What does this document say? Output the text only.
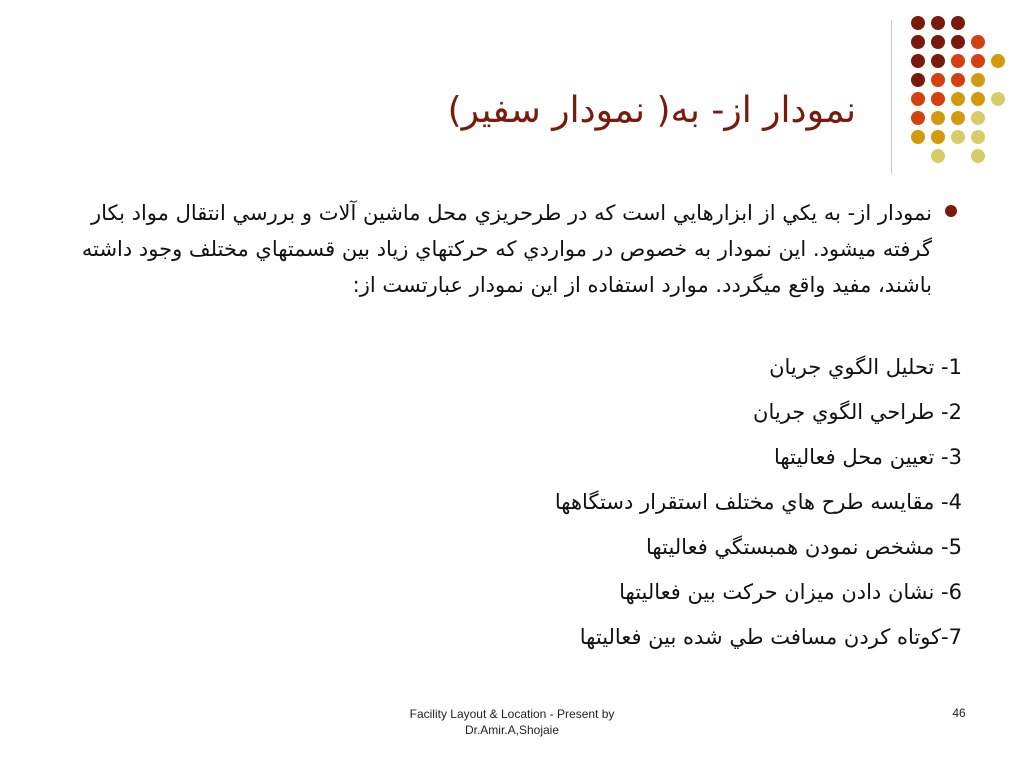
نمودار از- به( نمودار سفیر)
نمودار از- به يکي از ابزارهايي است که در طرحريزي محل ماشين آلات و بررسي انتقال مواد بکار گرفته ميشود. اين نمودار به خصوص در مواردي که حرکتهاي زياد بين قسمتهاي مختلف وجود داشته باشند، مفيد واقع ميگردد. موارد استفاده از اين نمودار عبارتست از:
1- تحليل الگوي جريان
2- طراحي الگوي جريان
3- تعيين محل فعاليتها
4- مقايسه طرح هاي مختلف استقرار دستگاهها
5- مشخص نمودن همبستگي فعاليتها
6- نشان دادن ميزان حرکت بين فعاليتها
7-کوتاه کردن مسافت طي شده بين فعاليتها
Facility Layout & Location - Present by
Dr.Amir.A,Shojaie
46
